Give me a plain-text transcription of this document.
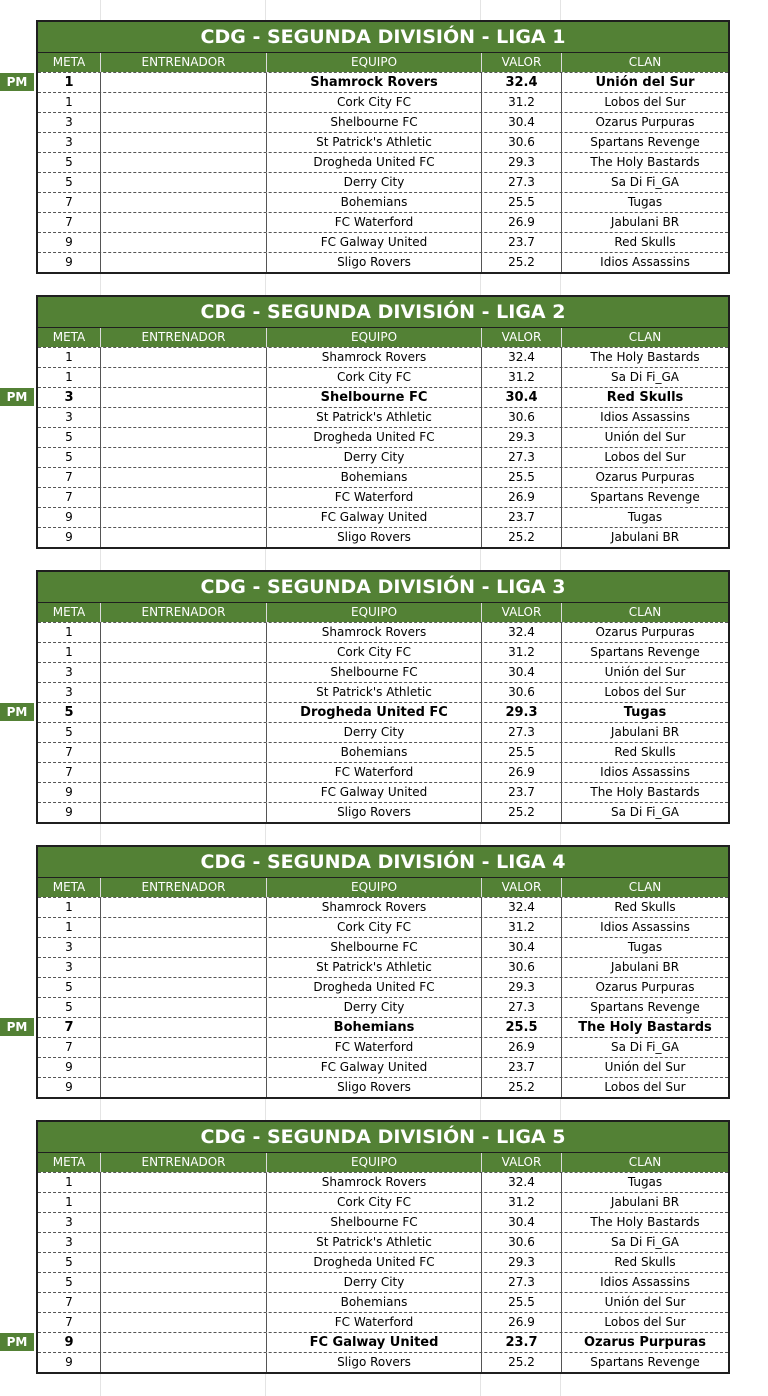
CDG - SEGUNDA DIVISIÓN - LIGA 1
META	ENTRENADOR	EQUIPO	VALOR	CLAN
1	Shamrock Rovers	32.4	Unión del Sur
1	Cork City FC	31.2	Lobos del Sur
3	Shelbourne FC	30.4	Ozarus Purpuras
3	St Patrick's Athletic	30.6	Spartans Revenge
5	Drogheda United FC	29.3	The Holy Bastards
5	Derry City	27.3	Sa Di Fi_GA
7	Bohemians	25.5	Tugas
7	FC Waterford	26.9	Jabulani BR
9	FC Galway United	23.7	Red Skulls
9	Sligo Rovers	25.2	Idios Assassins
PM
CDG - SEGUNDA DIVISIÓN - LIGA 2
META	ENTRENADOR	EQUIPO	VALOR	CLAN
1	Shamrock Rovers	32.4	The Holy Bastards
1	Cork City FC	31.2	Sa Di Fi_GA
3	Shelbourne FC	30.4	Red Skulls
3	St Patrick's Athletic	30.6	Idios Assassins
5	Drogheda United FC	29.3	Unión del Sur
5	Derry City	27.3	Lobos del Sur
7	Bohemians	25.5	Ozarus Purpuras
7	FC Waterford	26.9	Spartans Revenge
9	FC Galway United	23.7	Tugas
9	Sligo Rovers	25.2	Jabulani BR
PM
CDG - SEGUNDA DIVISIÓN - LIGA 3
META	ENTRENADOR	EQUIPO	VALOR	CLAN
1	Shamrock Rovers	32.4	Ozarus Purpuras
1	Cork City FC	31.2	Spartans Revenge
3	Shelbourne FC	30.4	Unión del Sur
3	St Patrick's Athletic	30.6	Lobos del Sur
5	Drogheda United FC	29.3	Tugas
5	Derry City	27.3	Jabulani BR
7	Bohemians	25.5	Red Skulls
7	FC Waterford	26.9	Idios Assassins
9	FC Galway United	23.7	The Holy Bastards
9	Sligo Rovers	25.2	Sa Di Fi_GA
PM
CDG - SEGUNDA DIVISIÓN - LIGA 4
META	ENTRENADOR	EQUIPO	VALOR	CLAN
1	Shamrock Rovers	32.4	Red Skulls
1	Cork City FC	31.2	Idios Assassins
3	Shelbourne FC	30.4	Tugas
3	St Patrick's Athletic	30.6	Jabulani BR
5	Drogheda United FC	29.3	Ozarus Purpuras
5	Derry City	27.3	Spartans Revenge
7	Bohemians	25.5	The Holy Bastards
7	FC Waterford	26.9	Sa Di Fi_GA
9	FC Galway United	23.7	Unión del Sur
9	Sligo Rovers	25.2	Lobos del Sur
PM
CDG - SEGUNDA DIVISIÓN - LIGA 5
META	ENTRENADOR	EQUIPO	VALOR	CLAN
1	Shamrock Rovers	32.4	Tugas
1	Cork City FC	31.2	Jabulani BR
3	Shelbourne FC	30.4	The Holy Bastards
3	St Patrick's Athletic	30.6	Sa Di Fi_GA
5	Drogheda United FC	29.3	Red Skulls
5	Derry City	27.3	Idios Assassins
7	Bohemians	25.5	Unión del Sur
7	FC Waterford	26.9	Lobos del Sur
9	FC Galway United	23.7	Ozarus Purpuras
9	Sligo Rovers	25.2	Spartans Revenge
PM
